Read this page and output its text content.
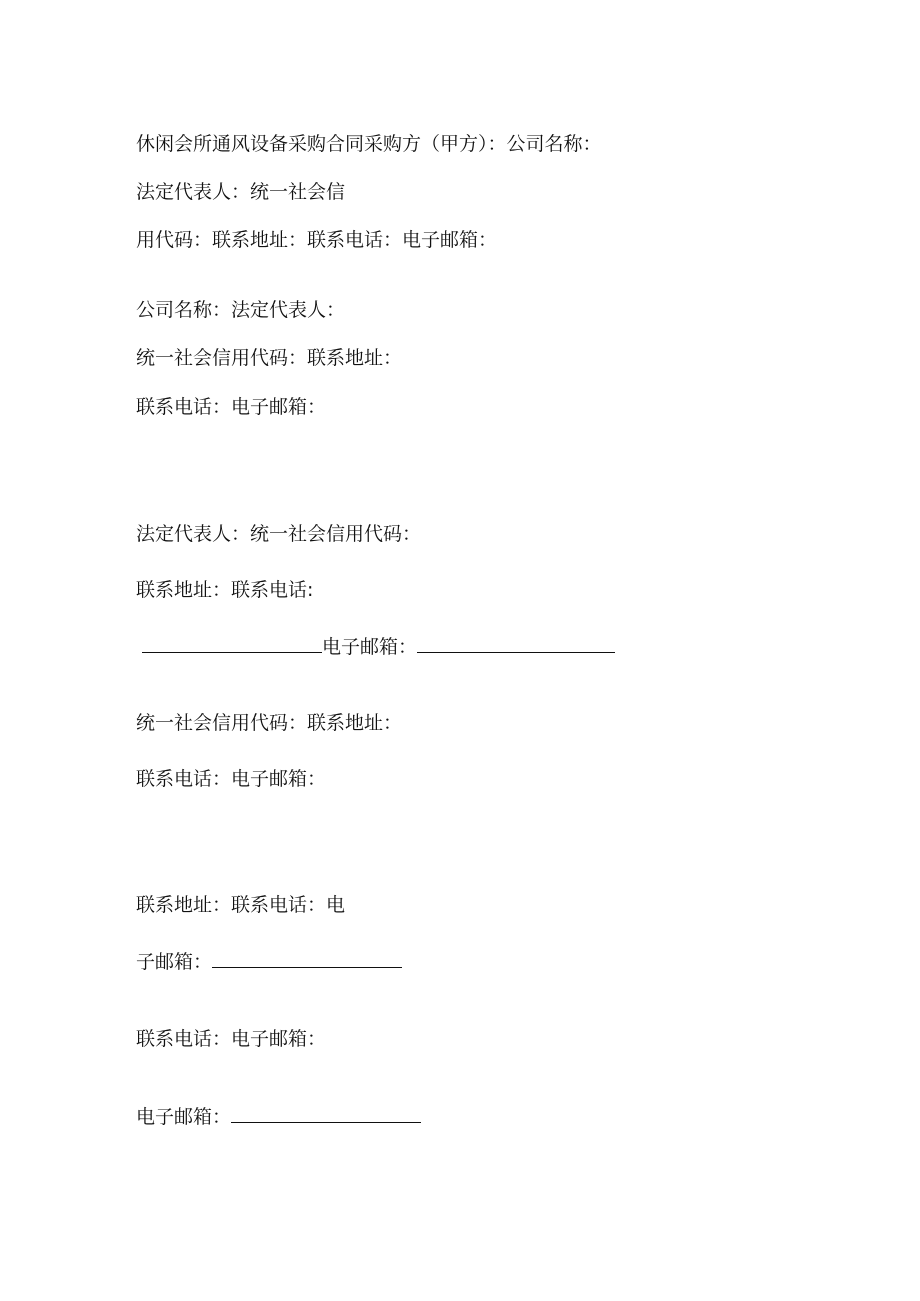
休闲会所通风设备采购合同采购方（甲方）：公司名称：
法定代表人：统一社会信
用代码：联系地址：联系电话：电子邮箱：
公司名称：法定代表人：
统一社会信用代码：联系地址：
联系电话：电子邮箱：
法定代表人：统一社会信用代码：
联系地址：联系电话:
电子邮箱：
统一社会信用代码：联系地址：
联系电话：电子邮箱：
联系地址：联系电话：电
子邮箱：
联系电话：电子邮箱：
电子邮箱：
